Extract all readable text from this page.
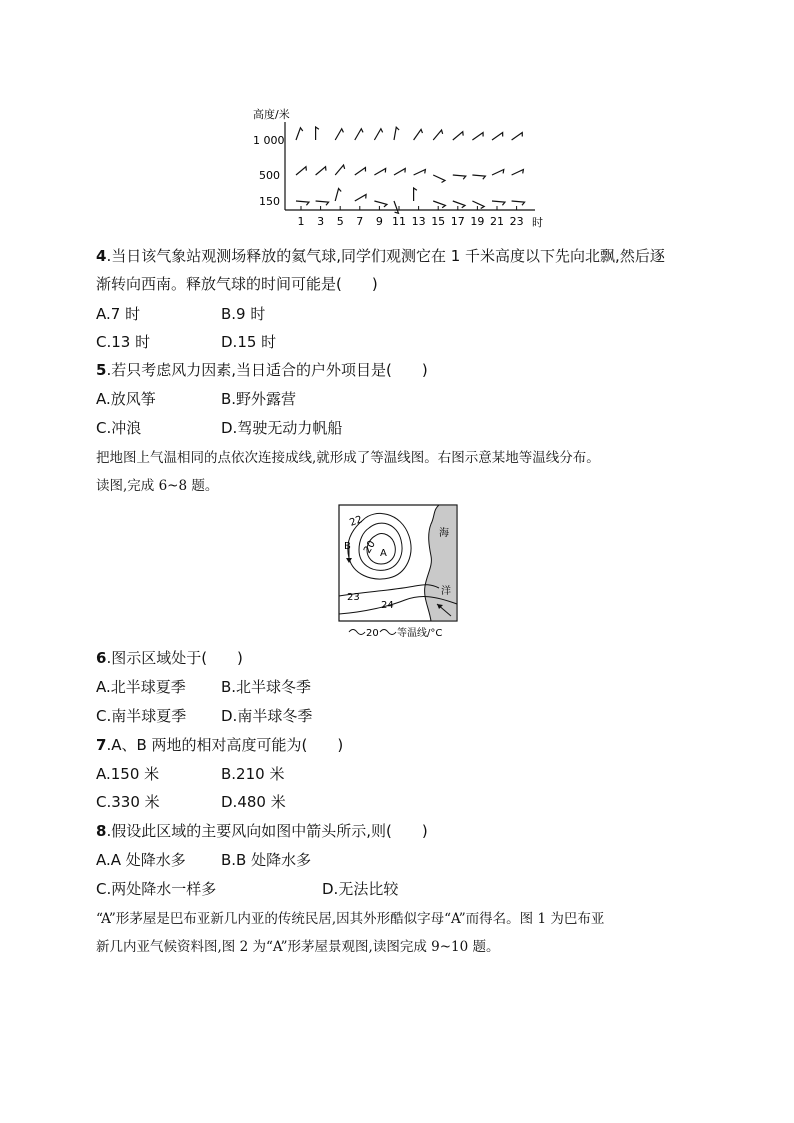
高度/米
1 000
500
150
1 3 5 7 9 11 13 15 17 19 21 23 时
4.当日该气象站观测场释放的氦气球,同学们观测它在 1 千米高度以下先向北飘,然后逐
渐转向西南。释放气球的时间可能是(　　)
A.7 时	B.9 时
C.13 时	D.15 时
5.若只考虑风力因素,当日适合的户外项目是(　　)
A.放风筝	B.野外露营
C.冲浪	D.驾驶无动力帆船
把地图上气温相同的点依次连接成线,就形成了等温线图。右图示意某地等温线分布。
读图,完成 6~8 题。
22
20 A
B
23
24
海
洋
20 等温线/°C
6.图示区域处于(　　)
A.北半球夏季 B.北半球冬季
C.南半球夏季 D.南半球冬季
7.A、B 两地的相对高度可能为(　　)
A.150 米	B.210 米
C.330 米	D.480 米
8.假设此区域的主要风向如图中箭头所示,则(　　)
A.A 处降水多 B.B 处降水多
C.两处降水一样多	D.无法比较
“A”形茅屋是巴布亚新几内亚的传统民居,因其外形酷似字母“A”而得名。图 1 为巴布亚
新几内亚气候资料图,图 2 为“A”形茅屋景观图,读图完成 9~10 题。
